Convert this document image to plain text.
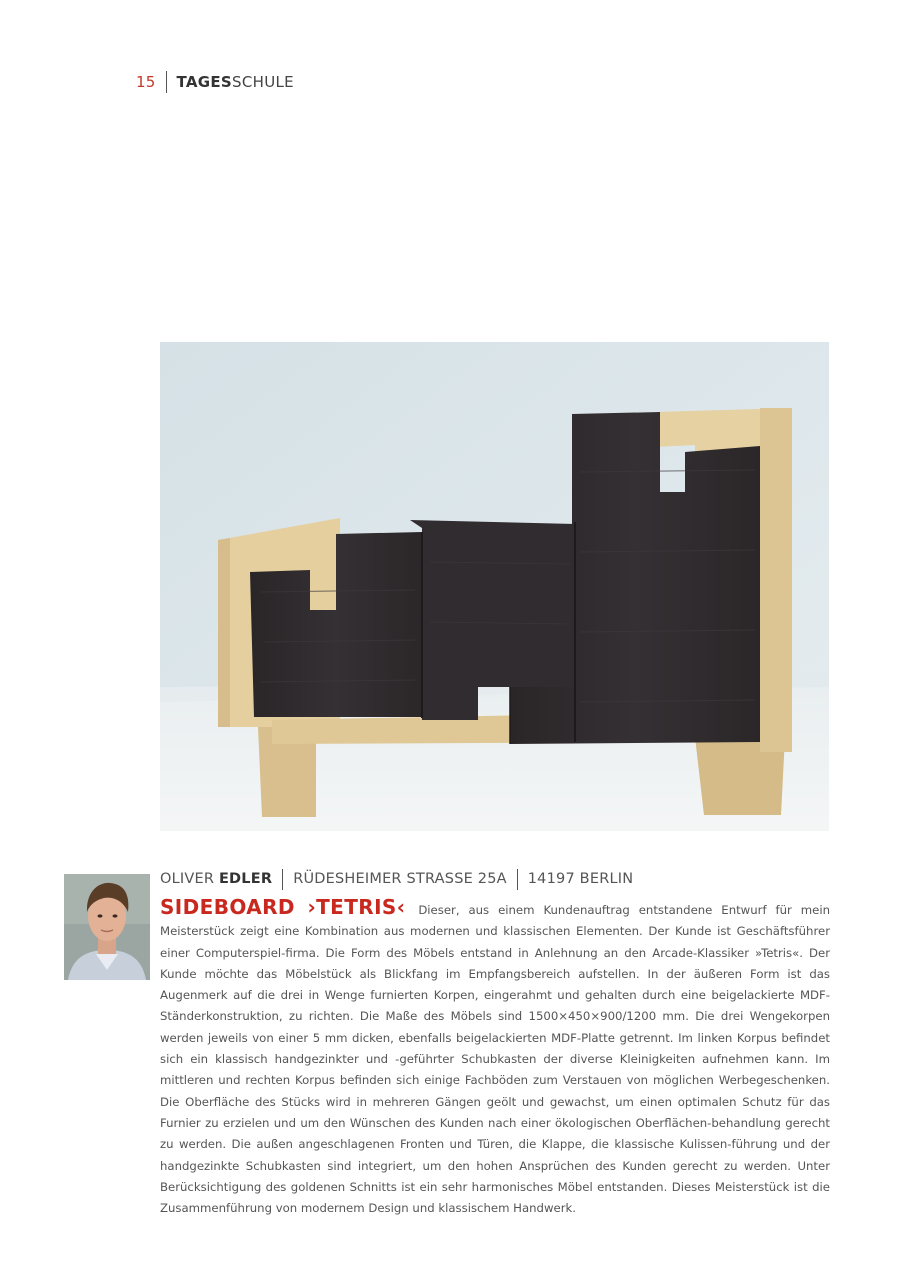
15 TAGESSCHULE
OLIVER EDLER RÜDESHEIMER STRASSE 25A 14197 BERLIN
SIDEBOARD ›TETRIS‹ Dieser, aus einem Kundenauftrag entstandene Entwurf für mein Meisterstück zeigt eine Kombination aus modernen und klassischen Elementen. Der Kunde ist Geschäftsführer einer Computerspiel-firma. Die Form des Möbels entstand in Anlehnung an den Arcade-Klassiker »Tetris«. Der Kunde möchte das Möbelstück als Blickfang im Empfangsbereich aufstellen. In der äußeren Form ist das Augenmerk auf die drei in Wenge furnierten Korpen, eingerahmt und gehalten durch eine beigelackierte MDF-Ständerkonstruktion, zu richten. Die Maße des Möbels sind 1500×450×900/1200 mm. Die drei Wengekorpen werden jeweils von einer 5 mm dicken, ebenfalls beigelackierten MDF-Platte getrennt. Im linken Korpus befindet sich ein klassisch handgezinkter und -geführter Schubkasten der diverse Kleinigkeiten aufnehmen kann. Im mittleren und rechten Korpus befinden sich einige Fachböden zum Verstauen von möglichen Werbegeschenken. Die Oberfläche des Stücks wird in mehreren Gängen geölt und gewachst, um einen optimalen Schutz für das Furnier zu erzielen und um den Wünschen des Kunden nach einer ökologischen Oberflächen-behandlung gerecht zu werden. Die außen angeschlagenen Fronten und Türen, die Klappe, die klassische Kulissen-führung und der handgezinkte Schubkasten sind integriert, um den hohen Ansprüchen des Kunden gerecht zu werden. Unter Berücksichtigung des goldenen Schnitts ist ein sehr harmonisches Möbel entstanden. Dieses Meisterstück ist die Zusammenführung von modernem Design und klassischem Handwerk.
